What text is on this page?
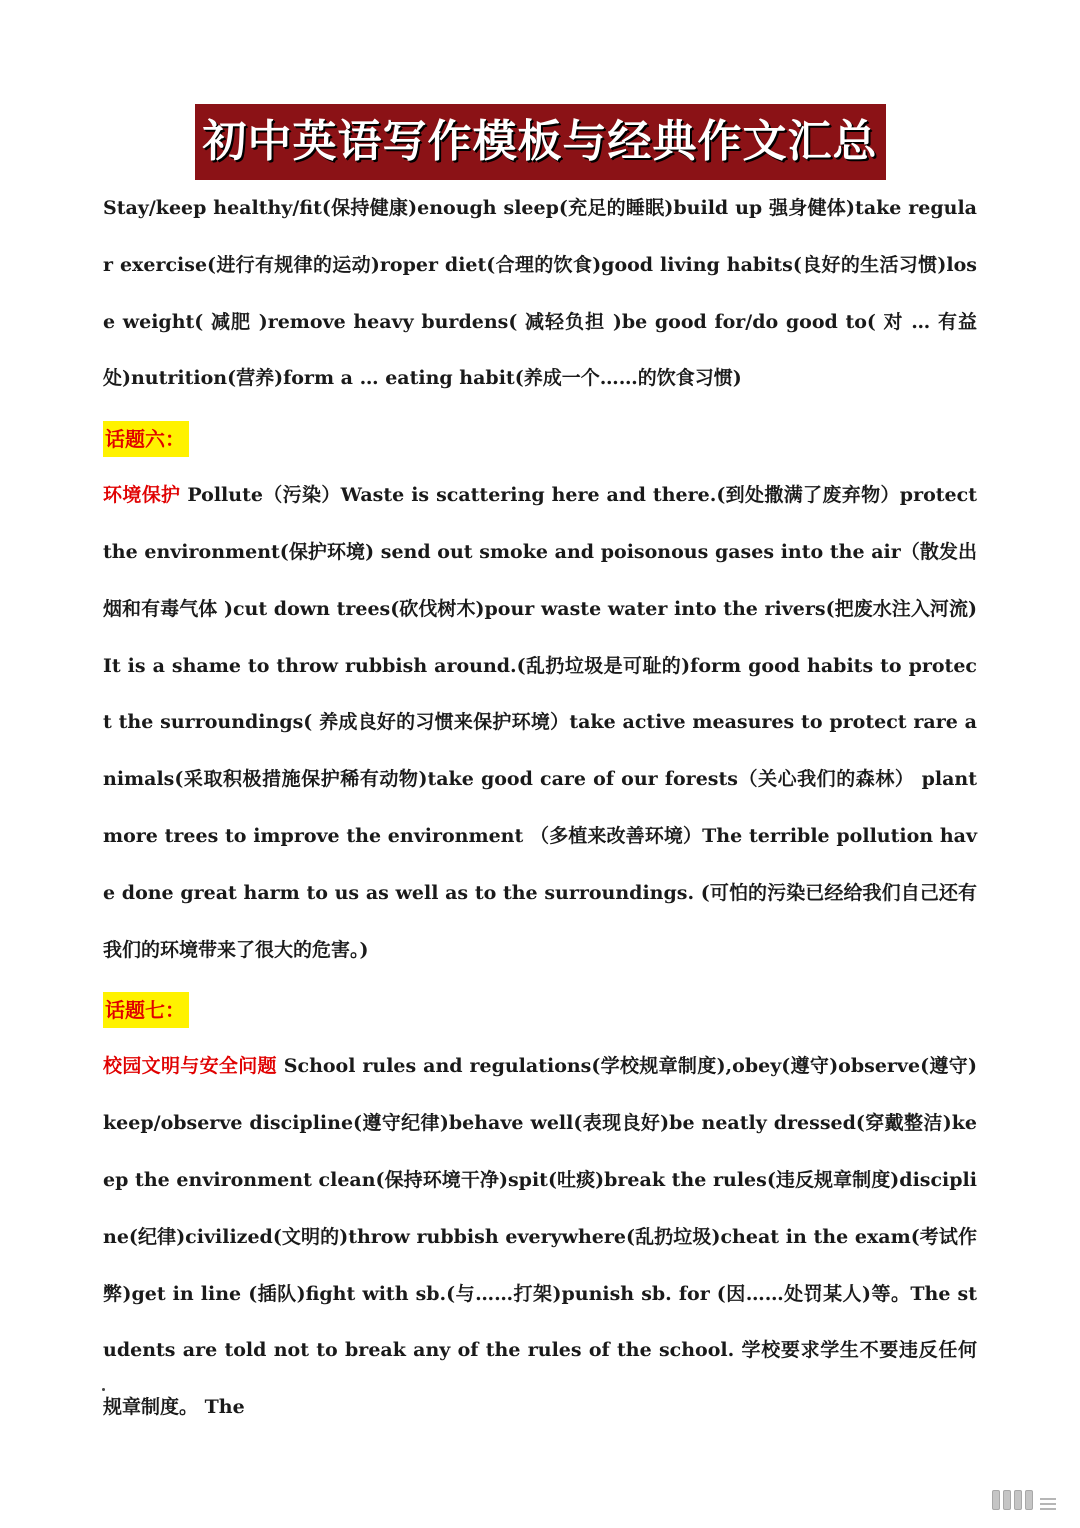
初中英语写作模板与经典作文汇总

Stay/keep healthy/fit(保持健康)enough sleep(充足的睡眠)build up 强身健体)take regular exercise(进行有规律的运动)roper diet(合理的饮食)good living habits(良好的生活习惯)lose weight( 减肥 )remove heavy burdens( 减轻负担 )be good for/do good to( 对 … 有益处)nutrition(营养)form a … eating habit(养成一个……的饮食习惯)

话题六：

环境保护 Pollute（污染）Waste is scattering here and there.(到处撒满了废弃物）protect the environment(保护环境) send out smoke and poisonous gases into the air（散发出烟和有毒气体 )cut down trees(砍伐树木)pour waste water into the rivers(把废水注入河流)It is a shame to throw rubbish around.(乱扔垃圾是可耻的)form good habits to protect the surroundings( 养成良好的习惯来保护环境）take active measures to protect rare animals(采取积极措施保护稀有动物)take good care of our forests（关心我们的森林） plant more trees to improve the environment （多植来改善环境）The terrible pollution have done great harm to us as well as to the surroundings. (可怕的污染已经给我们自己还有我们的环境带来了很大的危害。)

话题七：

校园文明与安全问题 School rules and regulations(学校规章制度),obey(遵守)observe(遵守)keep/observe discipline(遵守纪律)behave well(表现良好)be neatly dressed(穿戴整洁)keep the environment clean(保持环境干净)spit(吐痰)break the rules(违反规章制度)discipline(纪律)civilized(文明的)throw rubbish everywhere(乱扔垃圾)cheat in the exam(考试作弊)get in line (插队)fight with sb.(与……打架)punish sb. for (因……处罚某人)等。The students are told not to break any of the rules of the school. 学校要求学生不要违反任何规章制度。 The
